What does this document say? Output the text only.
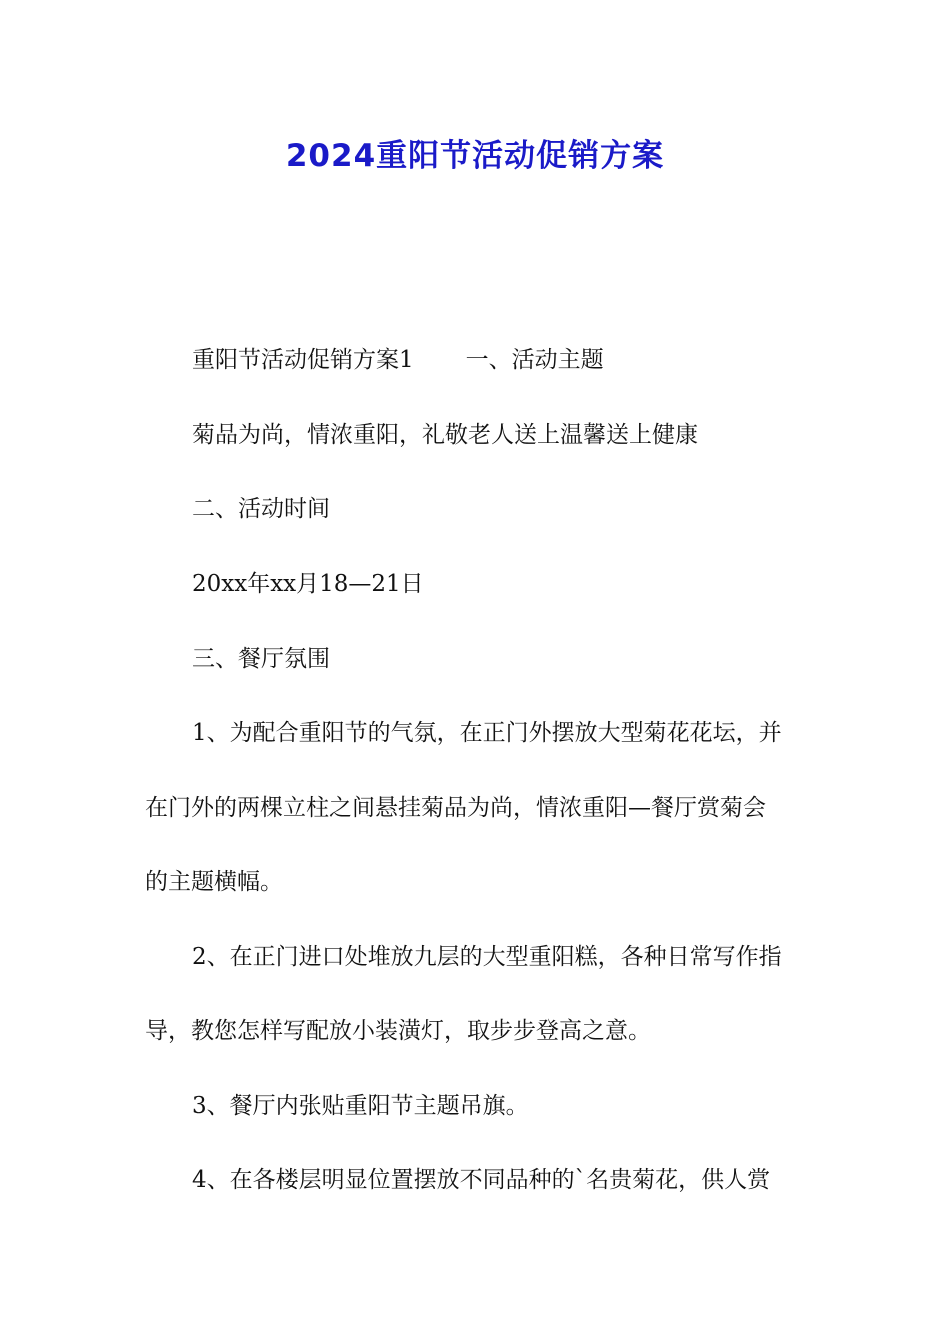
2024重阳节活动促销方案
重阳节活动促销方案1 一、活动主题
菊品为尚，情浓重阳，礼敬老人送上温馨送上健康
二、活动时间
20xx年xx月18—21日
三、餐厅氛围
1、为配合重阳节的气氛，在正门外摆放大型菊花花坛，并
在门外的两棵立柱之间悬挂菊品为尚，情浓重阳—餐厅赏菊会
的主题横幅。
2、在正门进口处堆放九层的大型重阳糕，各种日常写作指
导，教您怎样写配放小装潢灯，取步步登高之意。
3、餐厅内张贴重阳节主题吊旗。
4、在各楼层明显位置摆放不同品种的`名贵菊花，供人赏
